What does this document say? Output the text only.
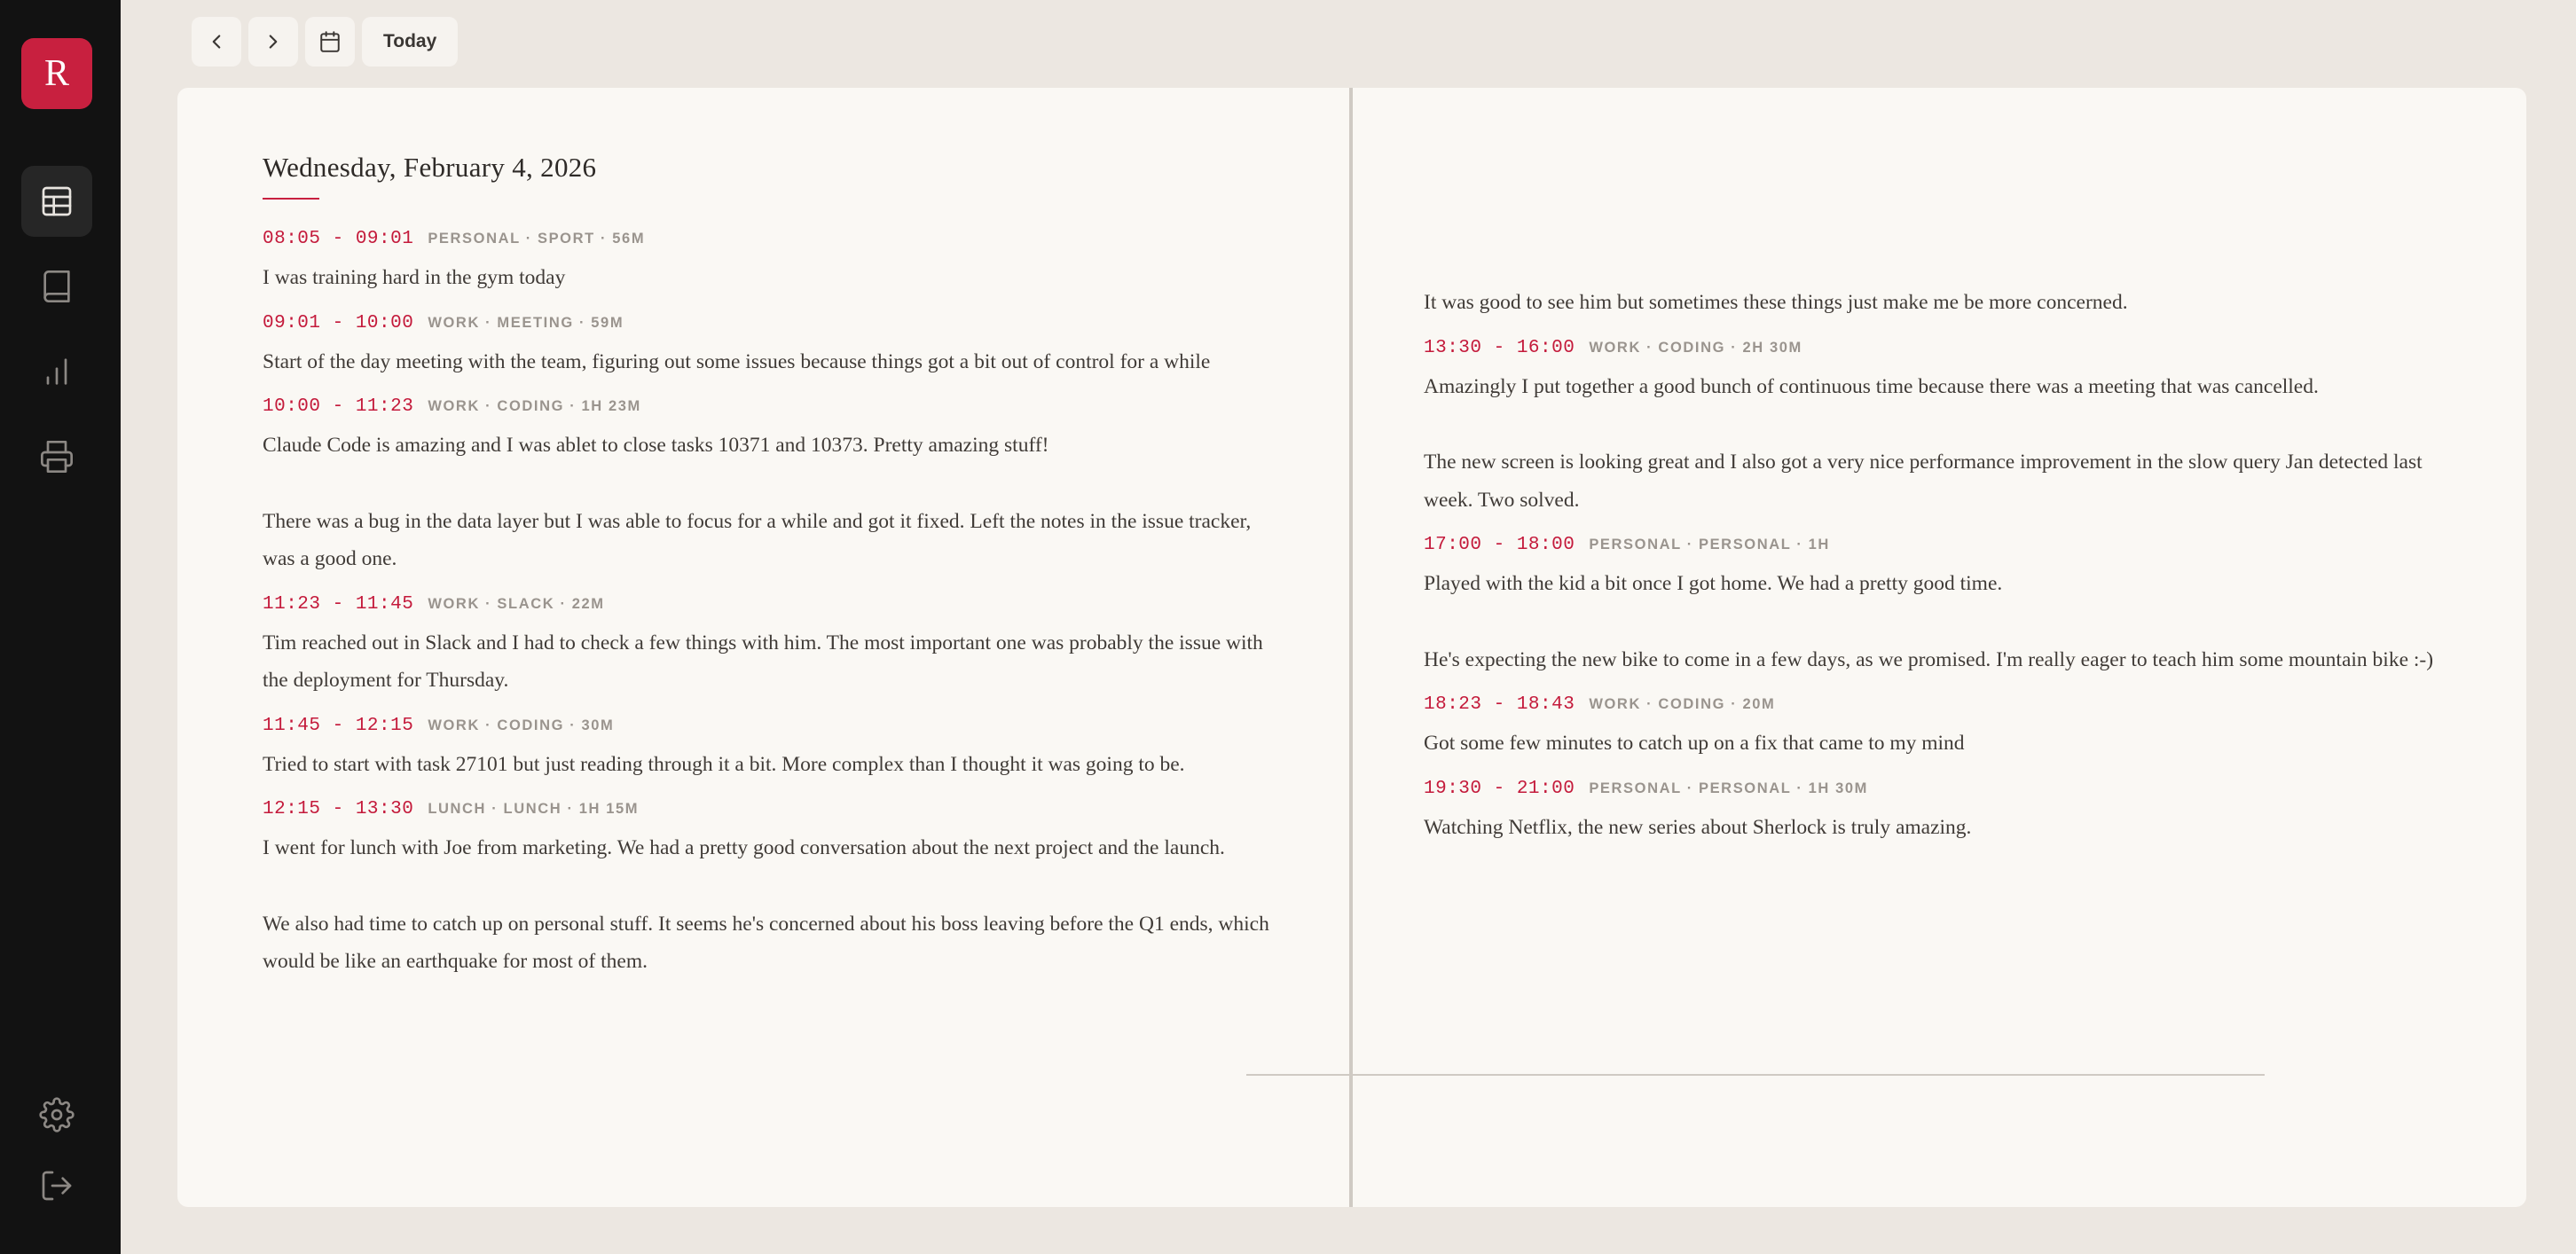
R
Today
Wednesday, February 4, 2026
08:05 - 09:01 PERSONAL · SPORT · 56M
I was training hard in the gym today
09:01 - 10:00 WORK · MEETING · 59M
Start of the day meeting with the team, figuring out some issues because things got a bit out of control for a while
10:00 - 11:23 WORK · CODING · 1H 23M
Claude Code is amazing and I was ablet to close tasks 10371 and 10373. Pretty amazing stuff!
There was a bug in the data layer but I was able to focus for a while and got it fixed. Left the notes in the issue tracker, was a good one.
11:23 - 11:45 WORK · SLACK · 22M
Tim reached out in Slack and I had to check a few things with him. The most important one was probably the issue with the deployment for Thursday.
11:45 - 12:15 WORK · CODING · 30M
Tried to start with task 27101 but just reading through it a bit. More complex than I thought it was going to be.
12:15 - 13:30 LUNCH · LUNCH · 1H 15M
I went for lunch with Joe from marketing. We had a pretty good conversation about the next project and the launch.
We also had time to catch up on personal stuff. It seems he's concerned about his boss leaving before the Q1 ends, which would be like an earthquake for most of them.
It was good to see him but sometimes these things just make me be more concerned.
13:30 - 16:00 WORK · CODING · 2H 30M
Amazingly I put together a good bunch of continuous time because there was a meeting that was cancelled.
The new screen is looking great and I also got a very nice performance improvement in the slow query Jan detected last week. Two solved.
17:00 - 18:00 PERSONAL · PERSONAL · 1H
Played with the kid a bit once I got home. We had a pretty good time.
He's expecting the new bike to come in a few days, as we promised. I'm really eager to teach him some mountain bike :-)
18:23 - 18:43 WORK · CODING · 20M
Got some few minutes to catch up on a fix that came to my mind
19:30 - 21:00 PERSONAL · PERSONAL · 1H 30M
Watching Netflix, the new series about Sherlock is truly amazing.
